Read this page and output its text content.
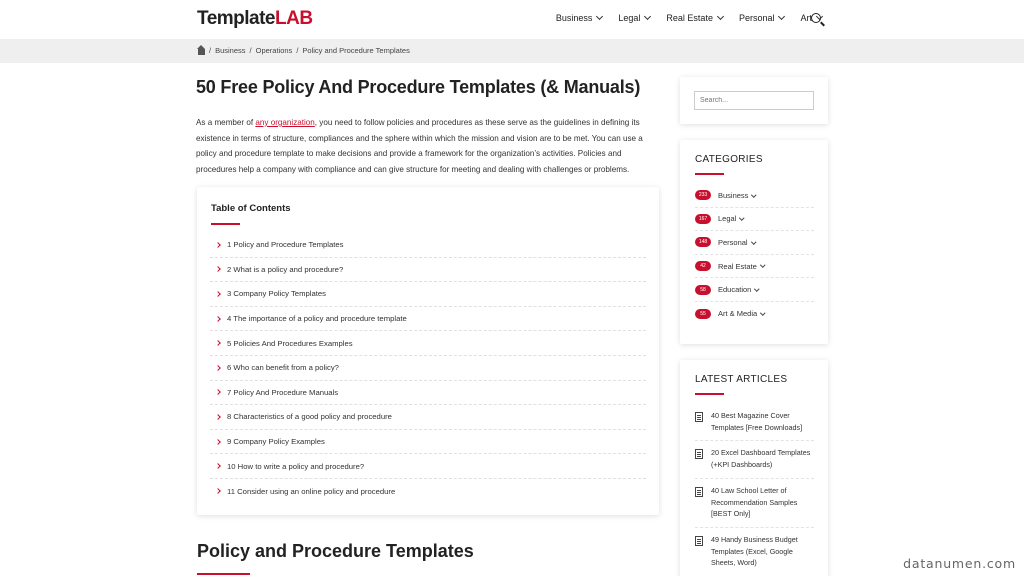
TemplateLAB	Business	Legal	Real Estate	Personal	Art
/ Business / Operations / Policy and Procedure Templates
50 Free Policy And Procedure Templates (& Manuals)

As a member of any organization, you need to follow policies and procedures as these serve as the guidelines in defining its existence in terms of structure, compliances and the sphere within which the mission and vision are to be met. You can use a policy and procedure template to make decisions and provide a framework for the organization’s activities. Policies and procedures help a company with compliance and can give structure for meeting and dealing with challenges or problems.

Table of Contents
1 Policy and Procedure Templates
2 What is a policy and procedure?
3 Company Policy Templates
4 The importance of a policy and procedure template
5 Policies And Procedures Examples
6 Who can benefit from a policy?
7 Policy And Procedure Manuals
8 Characteristics of a good policy and procedure
9 Company Policy Examples
10 How to write a policy and procedure?
11 Consider using an online policy and procedure
Policy and Procedure Templates
Search...
CATEGORIES
233	Business
167	Legal
148	Personal
42	Real Estate
58	Education
55	Art & Media
LATEST ARTICLES
40 Best Magazine Cover Templates [Free Downloads]
20 Excel Dashboard Templates (+KPI Dashboards)
40 Law School Letter of Recommendation Samples [BEST Only]
49 Handy Business Budget Templates (Excel, Google Sheets, Word)	datanumen.com
